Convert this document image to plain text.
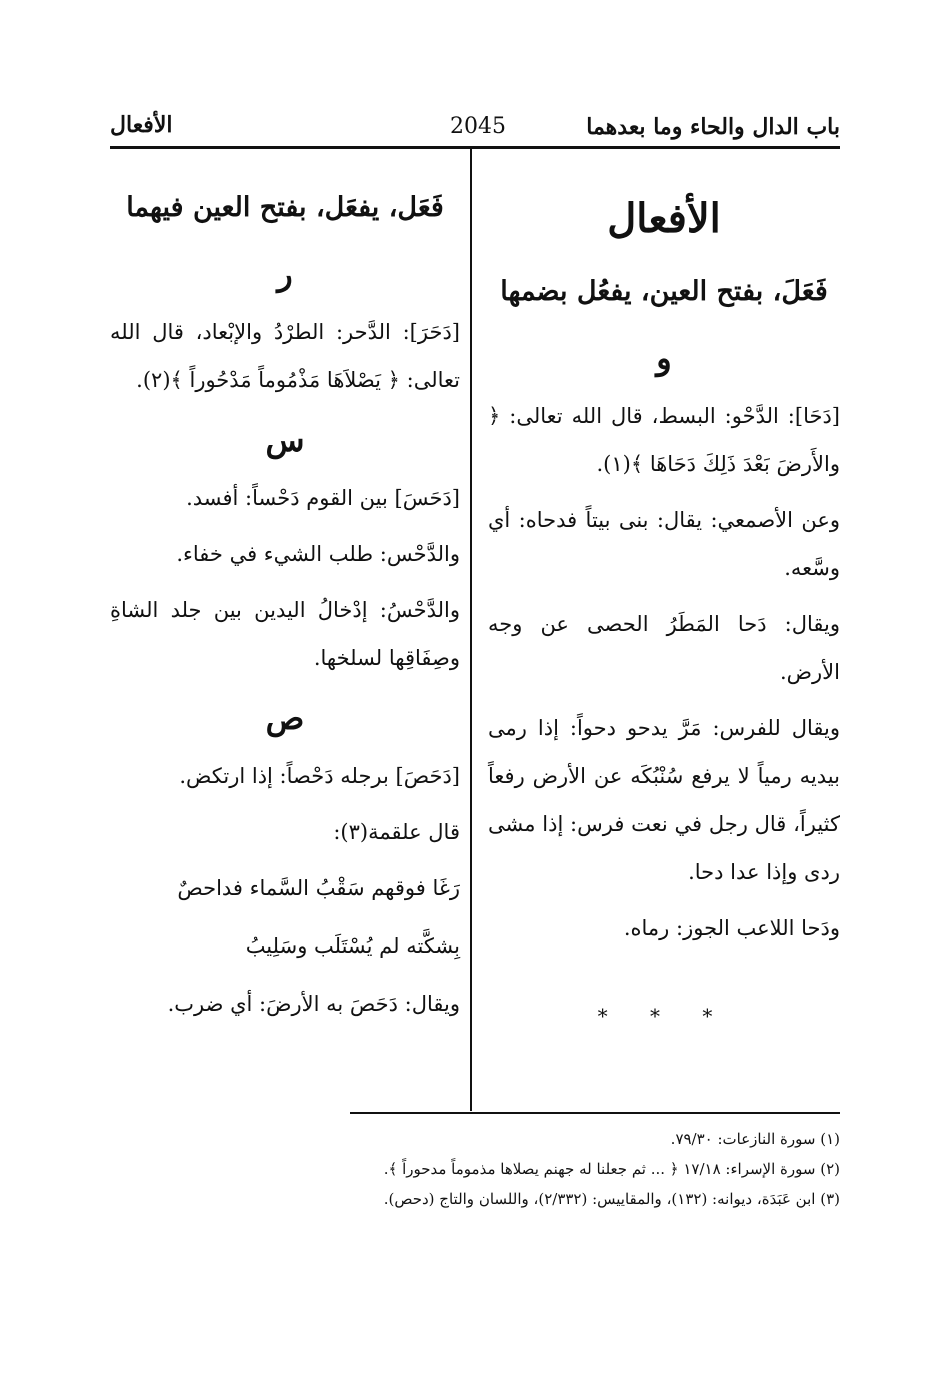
باب الدال والحاء وما بعدهما
2045
الأفعال
الأفعال
فَعَلَ، بفتح العين، يفعُل بضمها
و

[دَحَا]: الدَّحْو: البسط، قال الله تعالى: ﴿ والأَرضَ بَعْدَ ذَلِكَ دَحَاهَا ﴾(١).

وعن الأصمعي: يقال: بنى بيتاً فدحاه: أي وسَّعه.

ويقال: دَحا المَطَرُ الحصى عن وجه الأرض.

ويقال للفرس: مَرَّ يدحو دحواً: إذا رمى بيديه رمياً لا يرفع سُنْبُكَه عن الأرض رفعاً كثيراً، قال رجل في نعت فرس: إذا مشى ردى وإذا عدا دحا.

ودَحا اللاعب الجوز: رماه.

* * *
فَعَل، يفعَل، بفتح العين فيهما
ر

[دَحَرَ]: الدَّحر: الطرْدُ والإبْعاد، قال الله تعالى: ﴿ يَصْلاَهَا مَذْمُوماً مَدْحُوراً ﴾(٢).

س

[دَحَسَ] بين القوم دَحْساً: أفسد.

والدَّحْس: طلب الشيء في خفاء.

والدَّحْسُ: إدْخالُ اليدين بين جلد الشاةِ وصِفَاقِها لسلخها.

ص

[دَحَصَ] برجله دَحْصاً: إذا ارتكض.

قال علقمة(٣):

رَغَا فوقهم سَقْبُ السَّماء فداحصٌ

بِشكَّته لم يُسْتَلَب وسَلِيبُ

ويقال: دَحَصَ به الأرضَ: أي ضرب.

(١) سورة النازعات: ٧٩/٣٠.
(٢) سورة الإسراء: ١٧/١٨ ﴿ ... ثم جعلنا له جهنم يصلاها مذموماً مدحوراً ﴾.
(٣) ابن عَبَدَة، ديوانه: (١٣٢)، والمقاييس: (٢/٣٣٢)، واللسان والتاج (دحص).
